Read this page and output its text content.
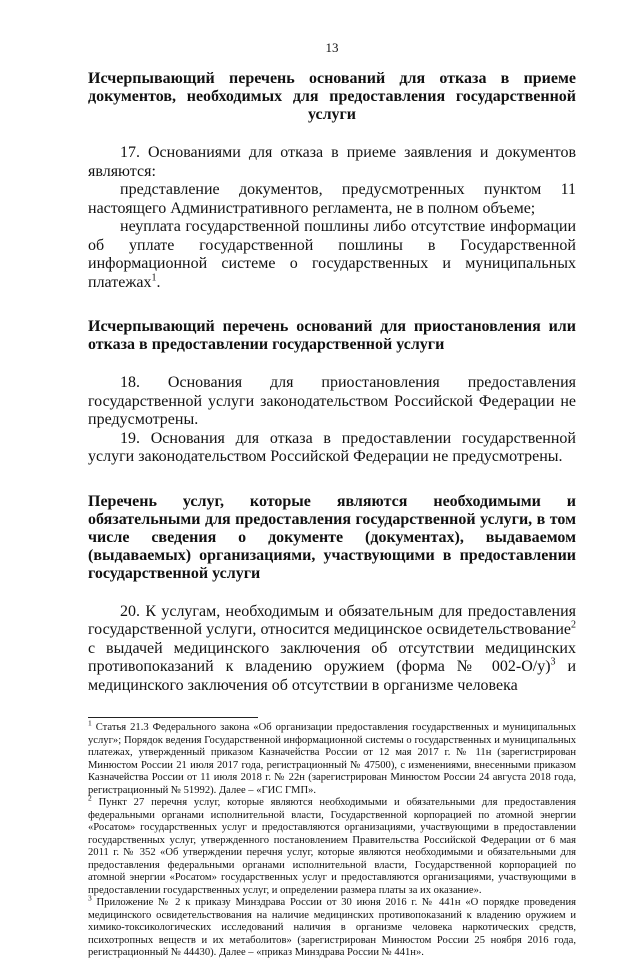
13

Исчерпывающий перечень оснований для отказа в приеме документов, необходимых для предоставления государственной услуги

17. Основаниями для отказа в приеме заявления и документов являются:

представление документов, предусмотренных пунктом 11 настоящего Административного регламента, не в полном объеме;

неуплата государственной пошлины либо отсутствие информации об уплате государственной пошлины в Государственной информационной системе о государственных и муниципальных платежах$^1$.

Исчерпывающий перечень оснований для приостановления или отказа в предоставлении государственной услуги

18. Основания для приостановления предоставления государственной услуги законодательством Российской Федерации не предусмотрены.

19. Основания для отказа в предоставлении государственной услуги законодательством Российской Федерации не предусмотрены.

Перечень услуг, которые являются необходимыми и обязательными для предоставления государственной услуги, в том числе сведения о документе (документах), выдаваемом (выдаваемых) организациями, участвующими в предоставлении государственной услуги

20. К услугам, необходимым и обязательным для предоставления государственной услуги, относится медицинское освидетельствование$^2$ с выдачей медицинского заключения об отсутствии медицинских противопоказаний к владению оружием (форма № 002-О/у)$^3$ и медицинского заключения об отсутствии в организме человека

$^1$ Статья 21.3 Федерального закона «Об организации предоставления государственных и муниципальных услуг»; Порядок ведения Государственной информационной системы о государственных и муниципальных платежах, утвержденный приказом Казначейства России от 12 мая 2017 г. № 11н (зарегистрирован Минюстом России 21 июля 2017 года, регистрационный № 47500), с изменениями, внесенными приказом Казначейства России от 11 июля 2018 г. № 22н (зарегистрирован Минюстом России 24 августа 2018 года, регистрационный № 51992). Далее – «ГИС ГМП».

$^2$ Пункт 27 перечня услуг, которые являются необходимыми и обязательными для предоставления федеральными органами исполнительной власти, Государственной корпорацией по атомной энергии «Росатом» государственных услуг и предоставляются организациями, участвующими в предоставлении государственных услуг, утвержденного постановлением Правительства Российской Федерации от 6 мая 2011 г. № 352 «Об утверждении перечня услуг, которые являются необходимыми и обязательными для предоставления федеральными органами исполнительной власти, Государственной корпорацией по атомной энергии «Росатом» государственных услуг и предоставляются организациями, участвующими в предоставлении государственных услуг, и определении размера платы за их оказание».

$^3$ Приложение № 2 к приказу Минздрава России от 30 июня 2016 г. № 441н «О порядке проведения медицинского освидетельствования на наличие медицинских противопоказаний к владению оружием и химико-токсикологических исследований наличия в организме человека наркотических средств, психотропных веществ и их метаболитов» (зарегистрирован Минюстом России 25 ноября 2016 года, регистрационный № 44430). Далее – «приказ Минздрава России № 441н».
